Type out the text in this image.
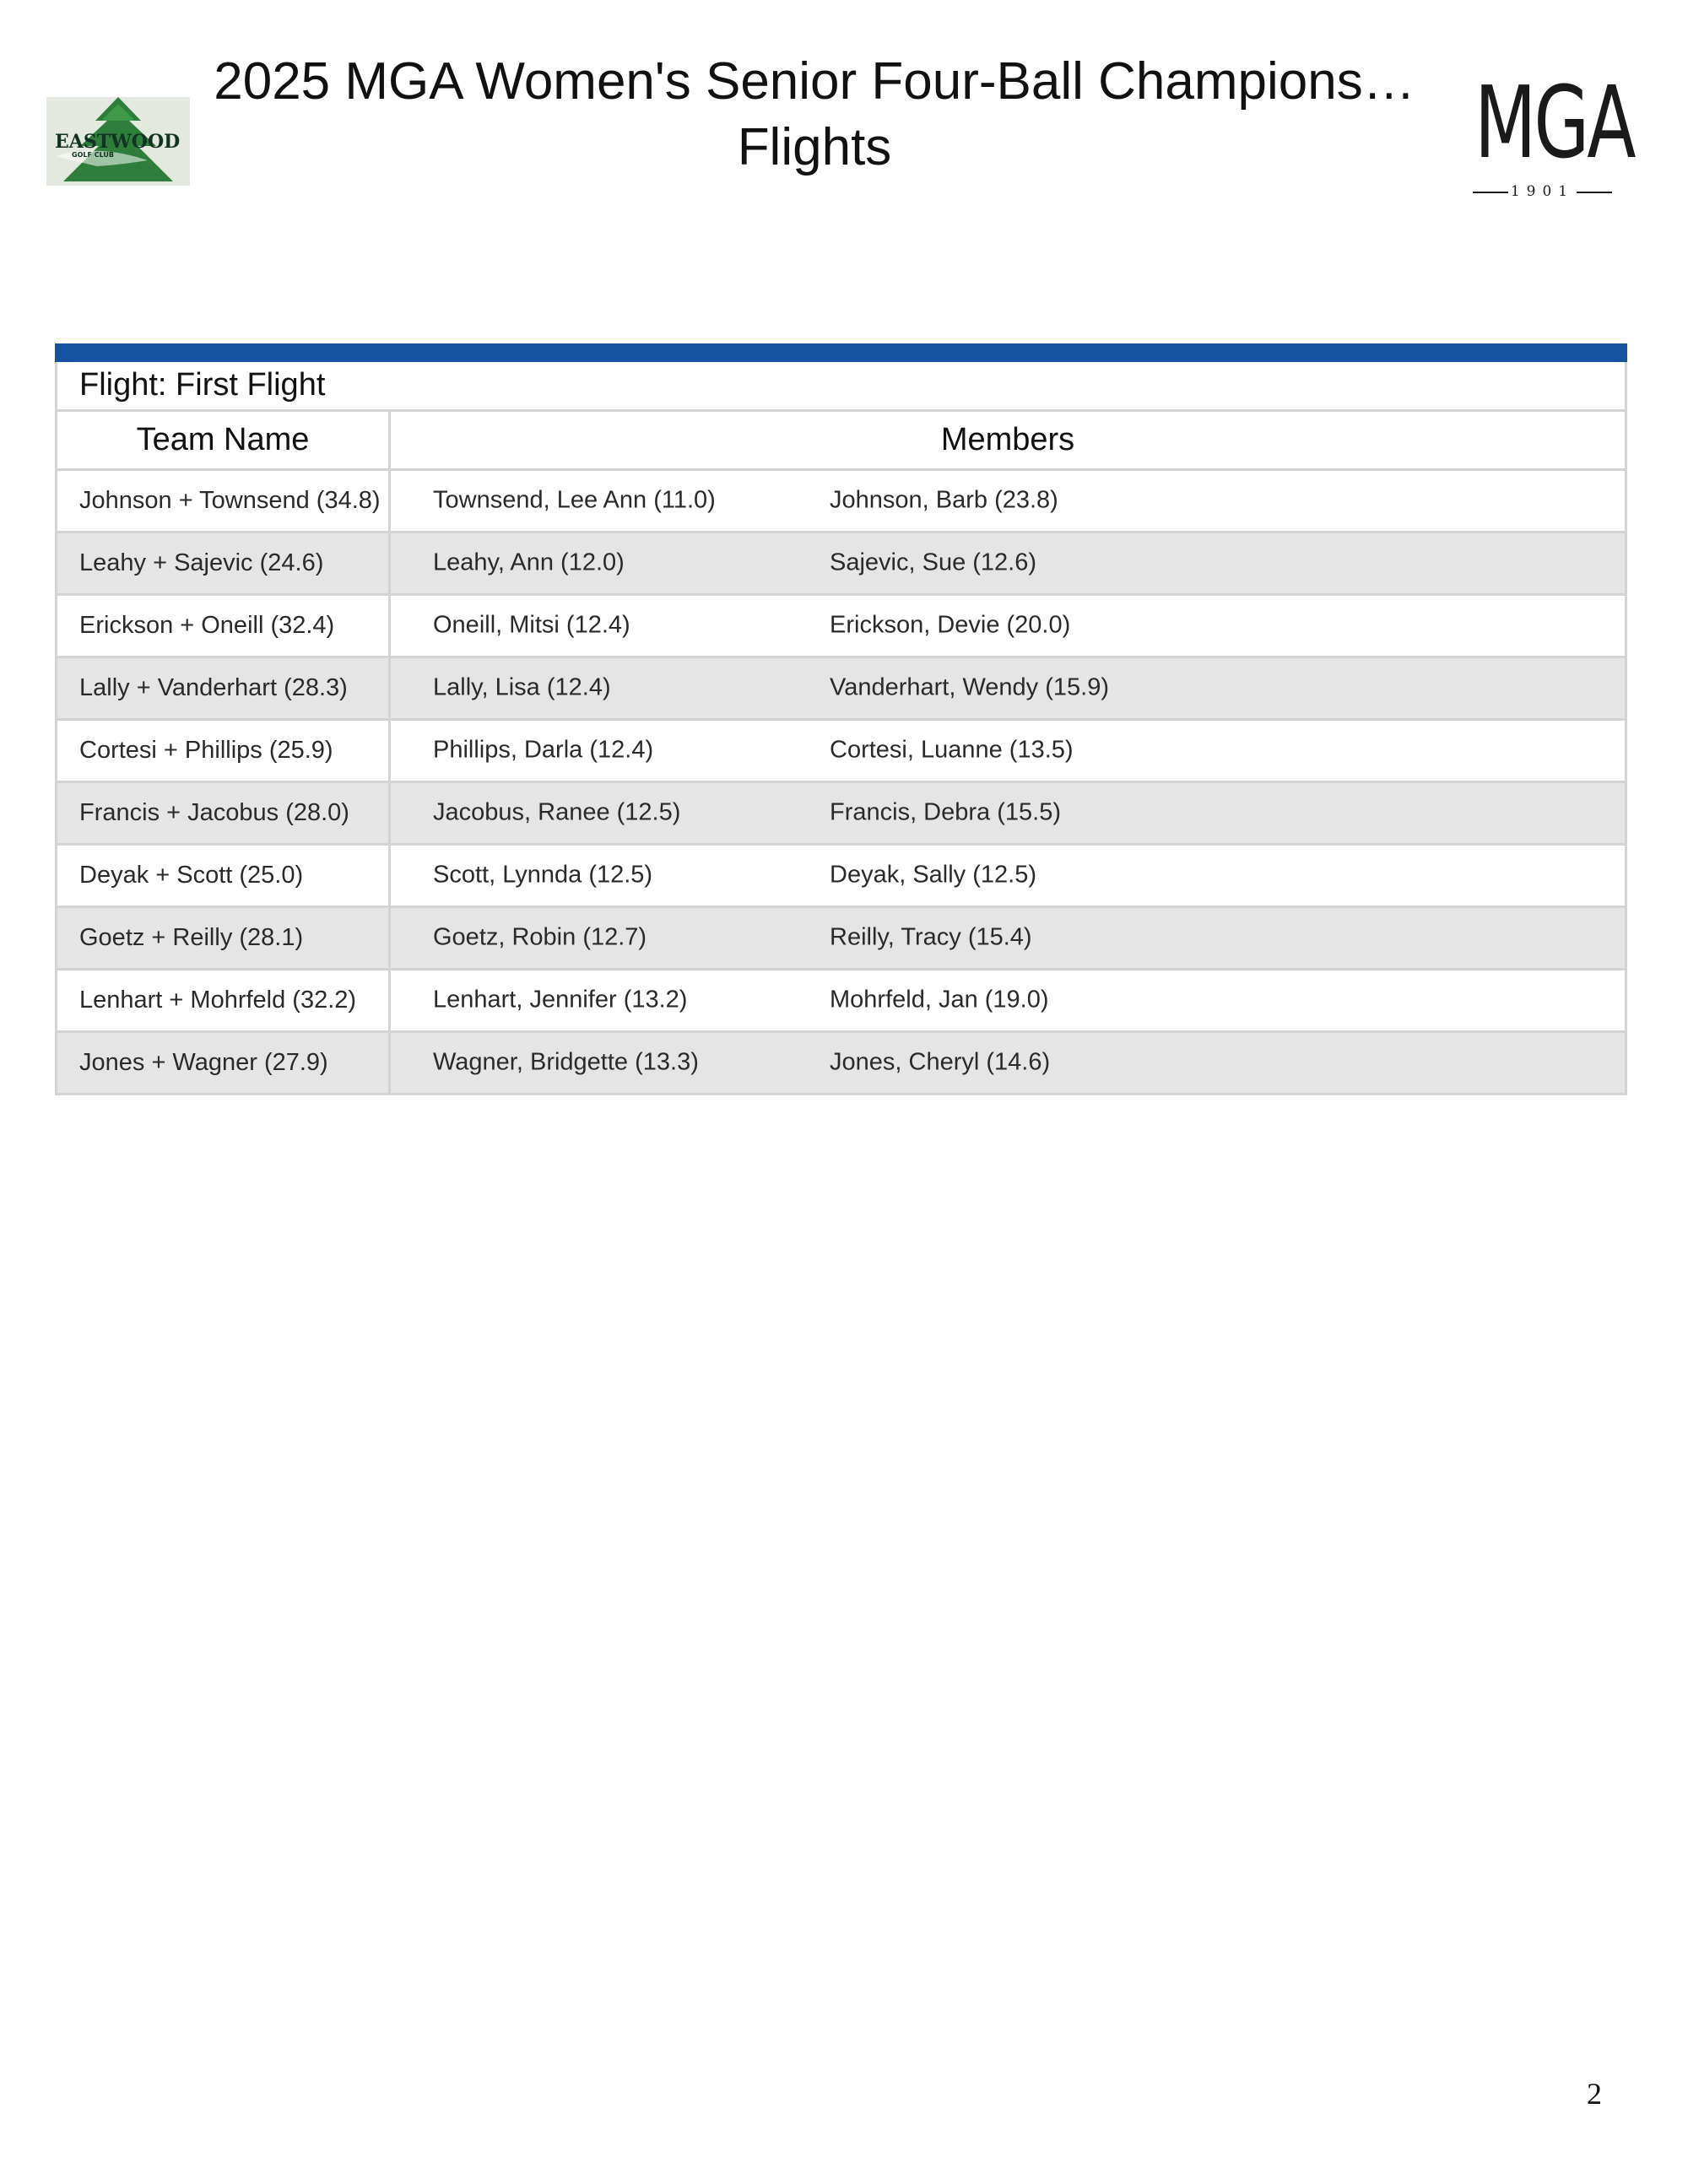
EASTWOOD
GOLF CLUB
2025 MGA Women's Senior Four-Ball Champions…
Flights	MGA
1901
Flight: First Flight	
Team Name	Members
Johnson + Townsend (34.8)	Townsend, Lee Ann (11.0) Johnson, Barb (23.8)

Leahy + Sajevic (24.6)	Leahy, Ann (12.0) Sajevic, Sue (12.6)

Erickson + Oneill (32.4)	Oneill, Mitsi (12.4) Erickson, Devie (20.0)

Lally + Vanderhart (28.3)	Lally, Lisa (12.4) Vanderhart, Wendy (15.9)

Cortesi + Phillips (25.9)	Phillips, Darla (12.4) Cortesi, Luanne (13.5)

Francis + Jacobus (28.0)	Jacobus, Ranee (12.5) Francis, Debra (15.5)

Deyak + Scott (25.0)	Scott, Lynnda (12.5) Deyak, Sally (12.5)

Goetz + Reilly (28.1)	Goetz, Robin (12.7) Reilly, Tracy (15.4)

Lenhart + Mohrfeld (32.2)	Lenhart, Jennifer (13.2) Mohrfeld, Jan (19.0)

Jones + Wagner (27.9)	Wagner, Bridgette (13.3) Jones, Cheryl (14.6)
2
